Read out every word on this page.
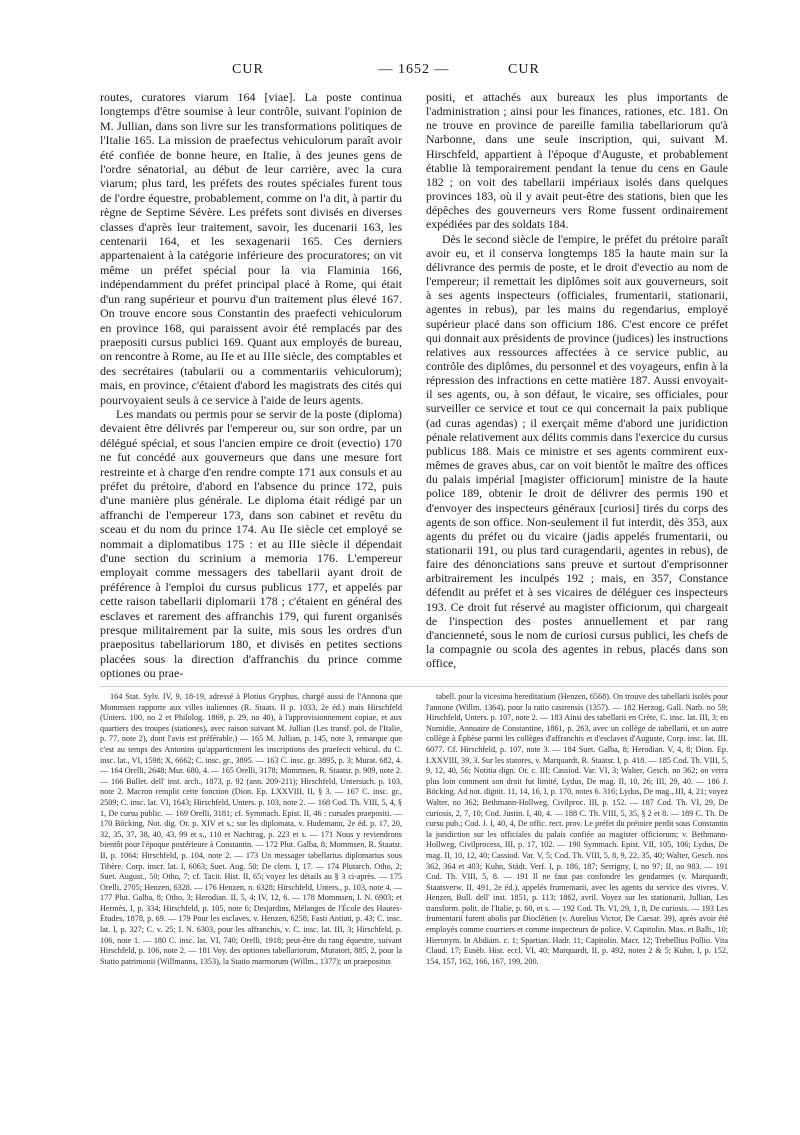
CUR	— 1652 —	CUR

routes, curatores viarum 164 [viae]. La poste continua longtemps d'être soumise à leur contrôle, suivant l'opinion de M. Jullian, dans son livre sur les transformations politiques de l'Italie 165. La mission de praefectus vehiculorum paraît avoir été confiée de bonne heure, en Italie, à des jeunes gens de l'ordre sénatorial, au début de leur carrière, avec la cura viarum; plus tard, les préfets des routes spéciales furent tous de l'ordre équestre, probablement, comme on l'a dit, à partir du règne de Septime Sévère. Les préfets sont divisés en diverses classes d'après leur traitement, savoir, les ducenarii 163, les centenarii 164, et les sexagenarii 165. Ces derniers appartenaient à la catégorie inférieure des procuratores; on vit même un préfet spécial pour la via Flaminia 166, indépendamment du préfet principal placé à Rome, qui était d'un rang supérieur et pourvu d'un traitement plus élevé 167. On trouve encore sous Constantin des praefecti vehiculorum en province 168, qui paraissent avoir été remplacés par des praepositi cursus publici 169. Quant aux employés de bureau, on rencontre à Rome, au IIe et au IIIe siècle, des comptables et des secrétaires (tabularii ou a commentariis vehiculorum); mais, en province, c'étaient d'abord les magistrats des cités qui pourvoyaient seuls à ce service à l'aide de leurs agents.

Les mandats ou permis pour se servir de la poste (diploma) devaient être délivrés par l'empereur ou, sur son ordre, par un délégué spécial, et sous l'ancien empire ce droit (evectio) 170 ne fut concédé aux gouverneurs que dans une mesure fort restreinte et à charge d'en rendre compte 171 aux consuls et au préfet du prétoire, d'abord en l'absence du prince 172, puis d'une manière plus générale. Le diploma était rédigé par un affranchi de l'empereur 173, dans son cabinet et revêtu du sceau et du nom du prince 174. Au IIe siècle cet employé se nommait a diplomatibus 175 : et au IIIe siècle il dépendait d'une section du scrinium a memoria 176. L'empereur employait comme messagers des tabellarii ayant droit de préférence à l'emploi du cursus publicus 177, et appelés par cette raison tabellarii diplomarii 178 ; c'étaient en général des esclaves et rarement des affranchis 179, qui furent organisés presque militairement par la suite, mis sous les ordres d'un praepositus tabellariorum 180, et divisés en petites sections placées sous la direction d'affranchis du prince comme optiones ou prae-

positi, et attachés aux bureaux les plus importants de l'administration ; ainsi pour les finances, rationes, etc. 181. On ne trouve en province de pareille familia tabellariorum qu'à Narbonne, dans une seule inscription, qui, suivant M. Hirschfeld, appartient à l'époque d'Auguste, et probablement établie là temporairement pendant la tenue du cens en Gaule 182 ; on voit des tabellarii impériaux isolés dans quelques provinces 183, où il y avait peut-être des stations, bien que les dépêches des gouverneurs vers Rome fussent ordinairement expédiées par des soldats 184.

Dès le second siècle de l'empire, le préfet du prétoire paraît avoir eu, et il conserva longtemps 185 la haute main sur la délivrance des permis de poste, et le droit d'evectio au nom de l'empereur; il remettait les diplômes soit aux gouverneurs, soit à ses agents inspecteurs (officiales, frumentarii, stationarii, agentes in rebus), par les mains du regendarius, employé supérieur placé dans son officium 186. C'est encore ce préfet qui donnait aux présidents de province (judices) les instructions relatives aux ressources affectées à ce service public, au contrôle des diplômes, du personnel et des voyageurs, enfin à la répression des infractions en cette matière 187. Aussi envoyait-il ses agents, ou, à son défaut, le vicaire, ses officiales, pour surveiller ce service et tout ce qui concernait la paix publique (ad curas agendas) ; il exerçait même d'abord une juridiction pénale relativement aux délits commis dans l'exercice du cursus publicus 188. Mais ce ministre et ses agents commirent eux-mêmes de graves abus, car on voit bientôt le maître des offices du palais impérial [magister officiorum] ministre de la haute police 189, obtenir le droit de délivrer des permis 190 et d'envoyer des inspecteurs généraux [curiosi] tirés du corps des agents de son office. Non-seulement il fut interdit, dès 353, aux agents du préfet ou du vicaire (jadis appelés frumentarii, ou stationarii 191, ou plus tard curagendarii, agentes in rebus), de faire des dénonciations sans preuve et surtout d'emprisonner arbitrairement les inculpés 192 ; mais, en 357, Constance défendit au préfet et à ses vicaires de déléguer ces inspecteurs 193. Ce droit fut réservé au magister officiorum, qui chargeait de l'inspection des postes annuellement et par rang d'ancienneté, sous le nom de curiosi cursus publici, les chefs de la compagnie ou scola des agentes in rebus, placés dans son office,

164 Stat. Sylv. IV, 9, 18-19, adressé à Plotius Gryphus, chargé aussi de l'Annona que Mommsen rapporte aux villes italiennes (R. Staats. II p. 1033, 2e éd.) mais Hirschfeld (Unters. 100, no 2 et Philolog. 1869, p. 29, no 40), à l'approvisionnement copiae, et aux quartiers des troupes (stationes), avec raison suivant M. Jullian (Les transf. pol. de l'Italie, p. 77, note 2), dont l'avis est préférable.) — 165 M. Jullian, p. 145, note 3, remarque que c'est au temps des Antonins qu'apparticnnent les inscriptions des praefecti vehicul. du C. insc. lat., VI, 1598; X, 6662; C. insc. gr., 3895. — 163 C. insc. gr. 3895, p. 3; Murat. 682, 4. — 164 Orelli, 2648; Mur. 680, 4. — 165 Orelli, 3178; Mommsen, R. Staatsr. p. 909, note 2. — 166 Bullet. dell' inst. arch., 1873, p. 92 (ann. 209-211); Hirschfeld, Untersuch. p. 103, note 2. Macron remplit cette fonction (Dion. Ep. LXXVIII, II, § 3. — 167 C. insc. gr., 2509; C. insc. lat. VI, 1643; Hirschfeld, Unters. p. 103, note 2. — 168 Cod. Th. VIII, 5, 4, § 1, De cursu public. — 169 Orelli, 3181; cf. Symmach. Epist. II, 46 : cursales praepositi. — 170 Böcking, Not. dig. Or. p. XIV et s.; sur les diplomata, v. Hudemann, 2e éd. p. 17, 20, 32, 35, 37, 38, 40, 43, 99 et s., 110 et Nachtrag, p. 223 et s. — 171 Nous y reviendrons bientôt pour l'époque postérieure à Constantin. — 172 Plut. Galba, 8; Mommsen, R. Staatsr. II, p. 1064; Hirschfeld, p. 104, note 2. — 173 Un messager tabellarius diplomarius sous Tibère. Corp. inscr. lat. I, 6063; Suet. Aug. 50; De clem. I, 17. — 174 Plutarch. Otho, 2; Suet. August., 50; Otho, 7; cf. Tacit. Hist. II, 65; voyez les détails au § 3 ci-après. — 175 Orelli, 2705; Henzen, 6328. — 176 Henzen, n. 6328; Hirschfeld, Unters., p. 103, note 4. — 177 Plut. Galba, 8; Otho, 3; Herodian. II, 5, 4; IV, 12, 6. — 178 Mommsen, I. N. 6903; et Hermès, I, p. 334; Hirschfeld, p. 105, note 6; Desjardins, Mélanges de l'École des Hautes-Études, 1878, p. 69. — 179 Pour les esclaves, v. Henzen, 6258; Fasti Antiati, p. 43; C. insc. lat. I, p. 327; C. v. 25; I. N. 6303, pour les affranchis, v. C. insc. lat. III, 3; Hirschfeld, p. 106, note 1. — 180 C. insc. lat. VI, 740; Orelli, 1918; peut-être du rang équestre, suivant Hirschfeld, p. 106, note 2. — 181 Voy. des optiones tabellariorum, Muratori, 885, 2, pour la Statio patrimonii (Willmanns, 1353), la Statio marmorum (Willm., 1377); un praepositus

tabell. pour la vicesima hereditatium (Henzen, 6568). On trouve des tabellarii isolés pour l'annone (Willm. 1364), pour la ratio castrensis (1357). — 182 Herzog, Gall. Narb. no 59; Hirschfeld, Unters. p. 107, note 2. — 183 Ainsi des tabellarii en Crète, C. insc. lat. III, 3; en Numidie, Annuaire de Constantine, 1861, p. 263, avec un collège de tabellarii, et un autre collège à Éphèse parmi les collèges d'affranchis et d'esclaves d'Auguste, Corp. insc. lat. III. 6077. Cf. Hirschfeld, p. 107, note 3. — 184 Suet. Galba, 8; Herodian. V, 4, 8; Dion. Ep. LXXVIII, 39, 3. Sur les statores, v. Marquardt, R. Staatsr. I, p. 418. — 185 Cod. Th. VIII, 5, 9, 12, 40, 56; Notitia dign. Or. c. III; Cassiod. Var. VI, 3; Walter, Gesch. no 362; on verra plus loin comment son droit fut limité, Lydus, De mag. II, 10, 26; III, 29, 40. — 186 J. Böcking. Ad not. dignit. 11, 14, 16, I, p. 170, notes 6. 316; Lydus, De mag., III, 4, 21; voyez Walter, no 362; Bethmann-Hollweg, Civilproc. III, p. 152. — 187 Cod. Th. VI, 29, De curiosis, 2, 7, 10; Cod. Justin. I, 40, 4. — 188 C. Th. VIII, 5, 35, § 2 et 8. — 189 C. Th. De cursu pub.; Cod. J. I, 40, 4, De offic. rect. prov. Le préfet du prétoire perdit sous Constantin la juridiction sur les officiales du palais confiée au magister officiorum; v. Bethmann-Hollweg, Civilprocess, III, p. 17, 102. — 190 Symmach. Epist. VII, 105, 106; Lydus, De mag. II, 10, 12, 40; Cassiod. Var. V, 5; Cod. Th. VIII, 5, 8, 9, 22, 35, 40; Walter, Gesch. nos 362, 364 et 403; Kuhn, Städt. Verf. I, p. 186, 187; Serrigny, I, no 97; II, no 983. — 191 Cod. Th. VIII, 5, 8. — 191 Il ne faut pas confondre les gendarmes (v. Marquardt, Staatsverw. II, 491, 2e éd.), appelés frumentarii, avec les agents du service des vivres. V. Henzen, Bull. dell' inst. 1851, p. 113; 1862, avril. Voyez sur les stationarii, Jullian, Les transform. polit. de l'Italie, p. 60, et s. — 192 Cod. Th. VI, 29, 1, 8, De curiosis. — 193 Les frumentarii furent abolis par Dioclétien (v. Aurelius Victor, De Caesar. 39), après avoir été employés comme courriers et comme inspecteurs de police. V. Capitolin. Max. et Balb., 10; Hieronym. In Abdiam. c. 1; Spartian. Hadr. 11; Capitolin. Macr. 12; Trebellius Pollio. Vita Claud. 17; Eusèb. Hist. eccl. VI, 40; Marquardt, II, p. 492, notes 2 & 5; Kuhn, I, p. 152, 154, 157, 162, 166, 167, 199, 200.
